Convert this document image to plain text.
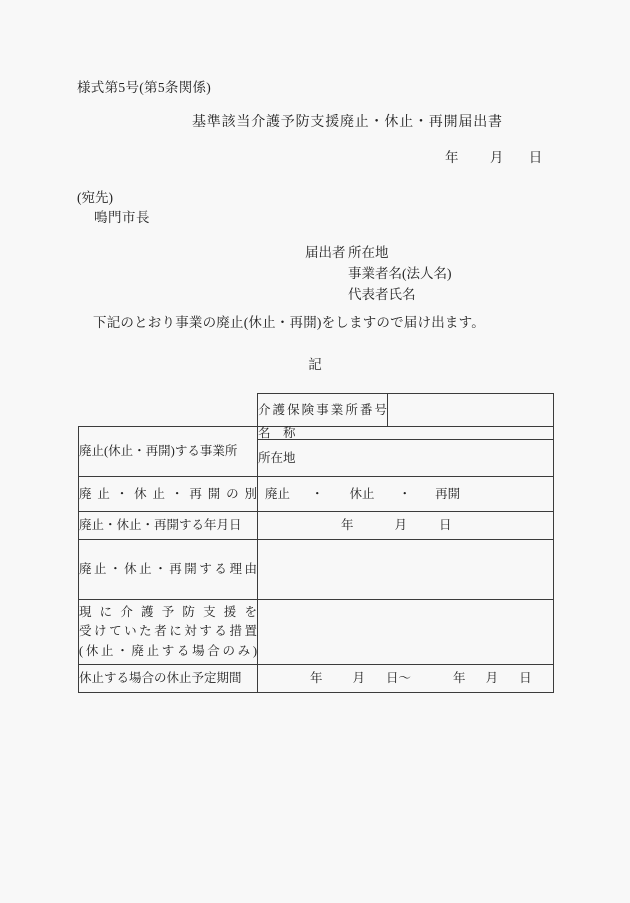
様式第5号(第5条関係)
基準該当介護予防支援廃止・休止・再開届出書
年 月 日
(宛先)
鳴門市長
届出者 所在地
事業者名(法人名)
代表者氏名
下記のとおり事業の廃止(休止・再開)をしますので届け出ます。
記

	介護保険事業所番号	

廃止(休止・再開)する事業所	名　称	
	所在地	

廃止・休止・再開の別	廃止 ・ 休止 ・ 再開	

廃止・休止・再開する年月日	年 月 日	

廃止・休止・再開する理由		

現に介護予防支援を
受けていた者に対する措置
(休止・廃止する場合のみ)		

休止する場合の休止予定期間	年 月 日～	年 月 日
